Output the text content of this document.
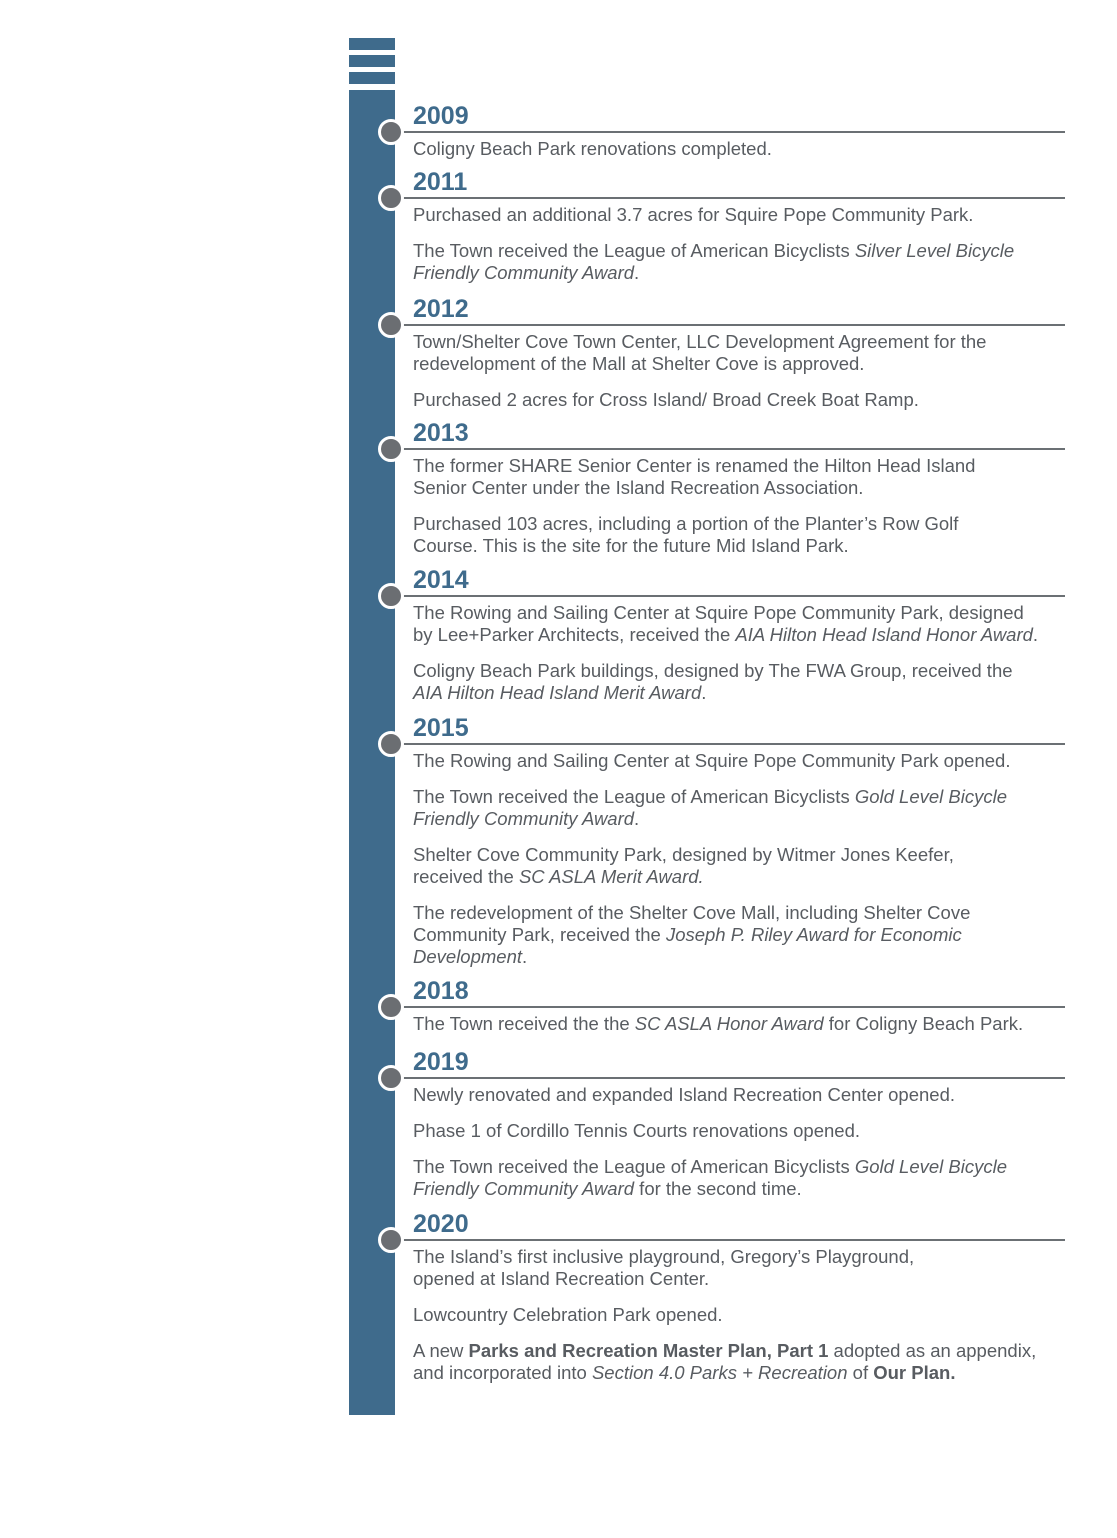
2009

Coligny Beach Park renovations completed.

2011

Purchased an additional 3.7 acres for Squire Pope Community Park.

The Town received the League of American Bicyclists Silver Level Bicycle
Friendly Community Award.

2012

Town/Shelter Cove Town Center, LLC Development Agreement for the
redevelopment of the Mall at Shelter Cove is approved.

Purchased 2 acres for Cross Island/ Broad Creek Boat Ramp.

2013

The former SHARE Senior Center is renamed the Hilton Head Island
Senior Center under the Island Recreation Association.

Purchased 103 acres, including a portion of the Planter’s Row Golf
Course. This is the site for the future Mid Island Park.

2014

The Rowing and Sailing Center at Squire Pope Community Park, designed
by Lee+Parker Architects, received the AIA Hilton Head Island Honor Award.

Coligny Beach Park buildings, designed by The FWA Group, received the
AIA Hilton Head Island Merit Award.

2015

The Rowing and Sailing Center at Squire Pope Community Park opened.

The Town received the League of American Bicyclists Gold Level Bicycle
Friendly Community Award.

Shelter Cove Community Park, designed by Witmer Jones Keefer,
received the SC ASLA Merit Award.

The redevelopment of the Shelter Cove Mall, including Shelter Cove
Community Park, received the Joseph P. Riley Award for Economic
Development.

2018

The Town received the the SC ASLA Honor Award for Coligny Beach Park.

2019

Newly renovated and expanded Island Recreation Center opened.

Phase 1 of Cordillo Tennis Courts renovations opened.

The Town received the League of American Bicyclists Gold Level Bicycle
Friendly Community Award for the second time.

2020

The Island’s first inclusive playground, Gregory’s Playground,
opened at Island Recreation Center.

Lowcountry Celebration Park opened.

A new Parks and Recreation Master Plan, Part 1 adopted as an appendix,
and incorporated into Section 4.0 Parks + Recreation of Our Plan.
